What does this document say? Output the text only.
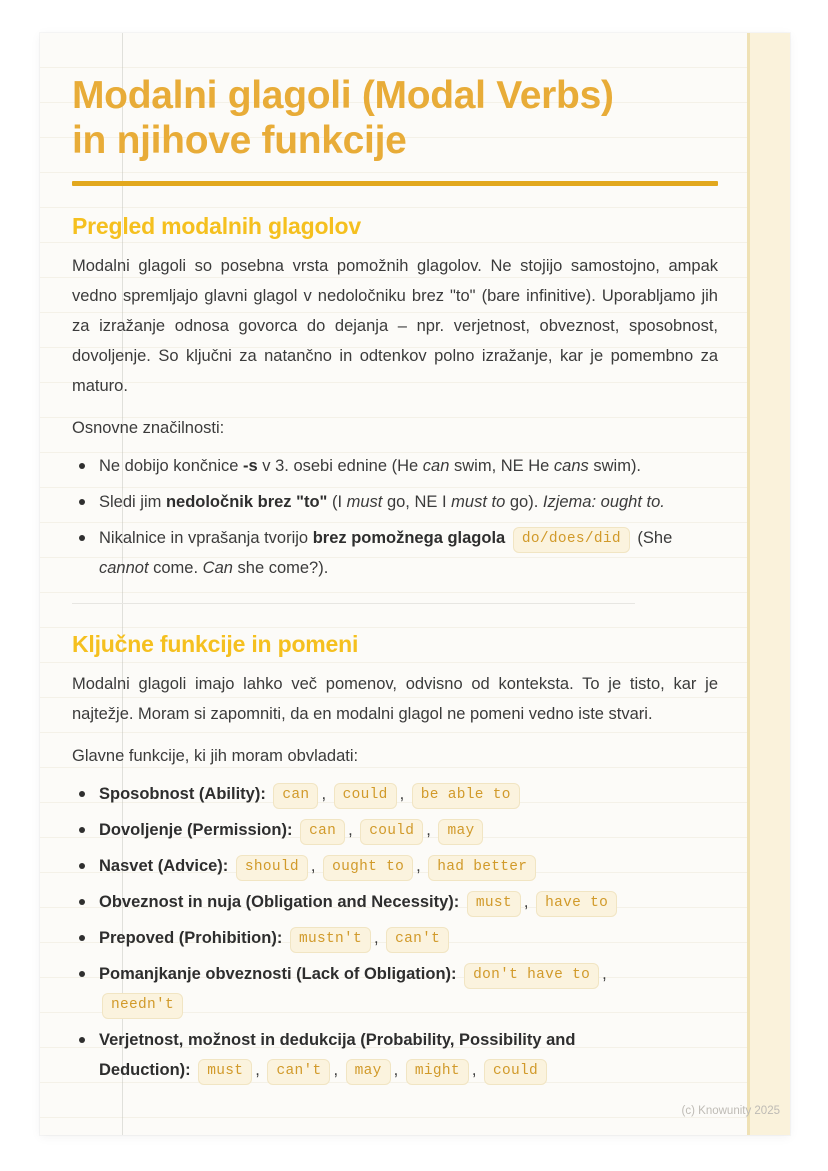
Modalni glagoli (Modal Verbs)
in njihove funkcije
Pregled modalnih glagolov

Modalni glagoli so posebna vrsta pomožnih glagolov. Ne stojijo samostojno, ampak vedno spremljajo glavni glagol v nedoločniku brez "to" (bare infinitive). Uporabljamo jih za izražanje odnosa govorca do dejanja – npr. verjetnost, obveznost, sposobnost, dovoljenje. So ključni za natančno in odtenkov polno izražanje, kar je pomembno za maturo.

Osnovne značilnosti:

Ne dobijo končnice -s v 3. osebi ednine (He can swim, NE He cans swim).
Sledi jim nedoločnik brez "to" (I must go, NE I must to go). Izjema: ought to.
Nikalnice in vprašanja tvorijo brez pomožnega glagola do/does/did (She cannot come. Can she come?).
Ključne funkcije in pomeni

Modalni glagoli imajo lahko več pomenov, odvisno od konteksta. To je tisto, kar je najtežje. Moram si zapomniti, da en modalni glagol ne pomeni vedno iste stvari.

Glavne funkcije, ki jih moram obvladati:

Sposobnost (Ability): can , could , be able to
Dovoljenje (Permission): can , could , may
Nasvet (Advice): should , ought to , had better
Obveznost in nuja (Obligation and Necessity): must , have to
Prepoved (Prohibition): mustn't , can't
Pomanjkanje obveznosti (Lack of Obligation): don't have to ,
needn't
Verjetnost, možnost in dedukcija (Probability, Possibility and
Deduction): must , can't , may , might , could
(c) Knowunity 2025
